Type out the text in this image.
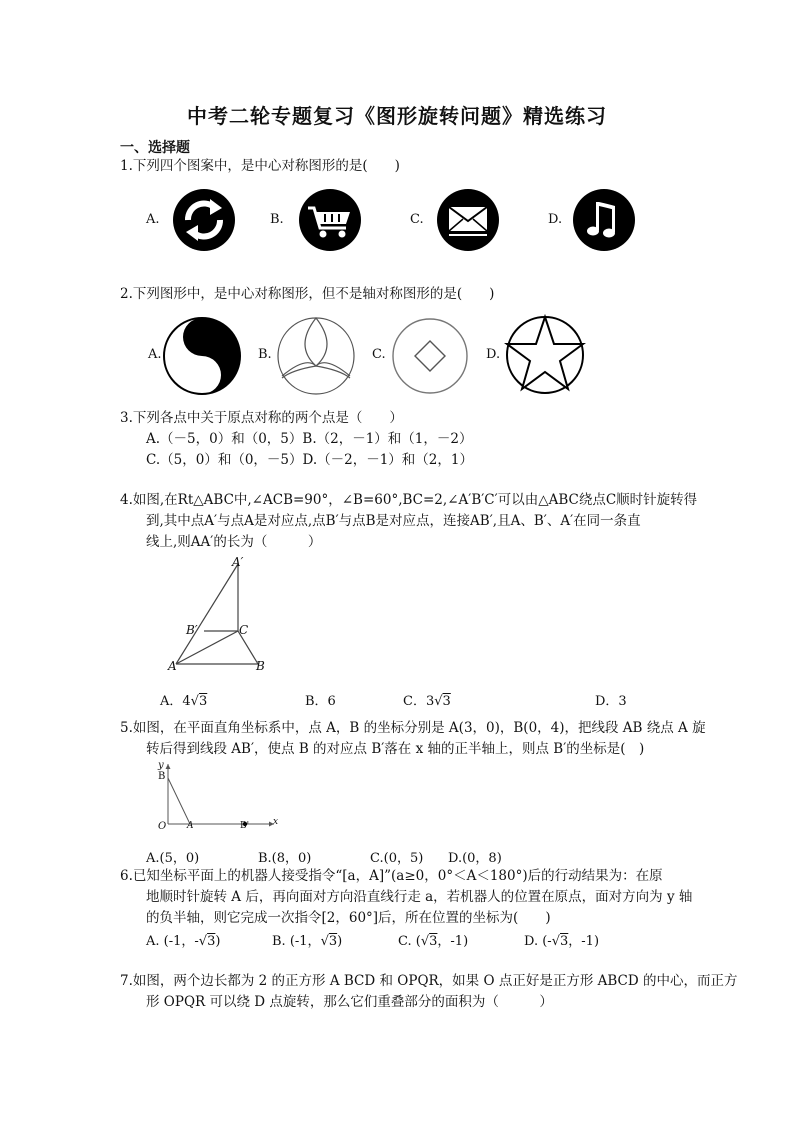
中考二轮专题复习《图形旋转问题》精选练习
一、选择题
1.下列四个图案中，是中心对称图形的是(　　)
A.	B.	C.	D.
2.下列图形中，是中心对称图形，但不是轴对称图形的是(　　)
A.	B.	C.	D.
3.下列各点中关于原点对称的两个点是（　　）
A.（－5，0）和（0，5）B.（2，－1）和（1，－2）
C.（5，0）和（0，－5）D.（－2，－1）和（2，1）
4.如图,在Rt△ABC中,∠ACB=90°，∠B=60°,BC=2,∠A′B′C′可以由△ABC绕点C顺时针旋转得
到,其中点A′与点A是对应点,点B′与点B是对应点，连接AB′,且A、B′、A′在同一条直
线上,则AA′的长为（　　　）
A′
B′	C
A	B
A．4√3	B．6	C．3√3	D．3
5.如图，在平面直角坐标系中，点 A，B 的坐标分别是 A(3，0)，B(0，4)，把线段 AB 绕点 A 旋
转后得到线段 AB′，使点 B 的对应点 B′落在 x 轴的正半轴上，则点 B′的坐标是(　)
y
B
O A	B'	x
A.(5，0)	B.(8，0)	C.(0，5) D.(0，8)
6.已知坐标平面上的机器人接受指令“[a，A]”(a≥0，0°＜A＜180°)后的行动结果为：在原
地顺时针旋转 A 后，再向面对方向沿直线行走 a，若机器人的位置在原点，面对方向为 y 轴
的负半轴，则它完成一次指令[2，60°]后，所在位置的坐标为(　　)
A. (-1，-√3)	B. (-1，√3)	C. (√3，-1)	D. (-√3，-1)
7.如图，两个边长都为 2 的正方形 A BCD 和 OPQR，如果 O 点正好是正方形 ABCD 的中心，而正方
形 OPQR 可以绕 D 点旋转，那么它们重叠部分的面积为（　　　）
